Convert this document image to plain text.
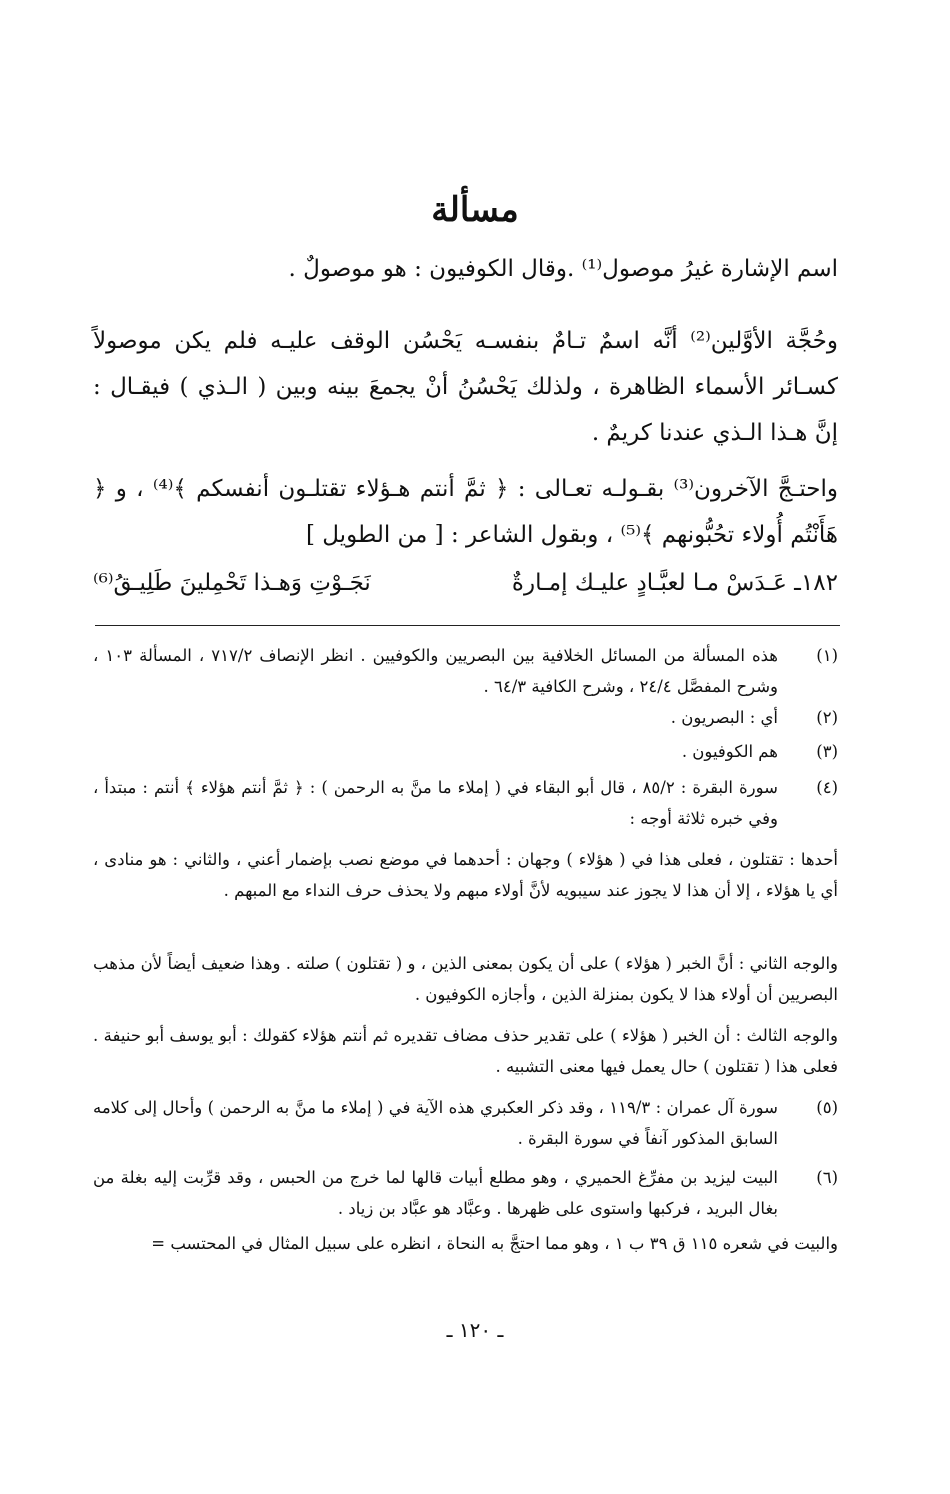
مسألة
اسم الإشارة غيرُ موصول⁽¹⁾ .وقال الكوفيون : هو موصولٌ .
وحُجَّة الأوَّلين⁽²⁾ أنَّه اسمٌ تـامٌ بنفسـه يَحْسُن الوقف عليـه فلم يكن موصولاً كسـائر الأسماء الظاهرة ، ولذلك يَحْسُنُ أنْ يجمعَ بينه وبين ( الـذي ) فيقـال : إنَّ هـذا الـذي عندنا كريمٌ .
واحتـجَّ الآخرون⁽³⁾ بقـولـه تعـالى : ﴿ ثمَّ أنتم هـؤلاء تقتلـون أنفسكم ﴾⁽⁴⁾ ، و ﴿ هَأَنْتُم أُولاء تحُبُّونهم ﴾⁽⁵⁾ ، وبقول الشاعر : [ من الطويل ]
١٨٢ـ عَـدَسْ مـا لعبَّـادٍ عليـك إمـارةٌ
نَجَـوْتِ وَهـذا تَحْمِلينَ طَلِيـقُ⁽⁶⁾
(١)
هذه المسألة من المسائل الخلافية بين البصريين والكوفيين . انظر الإنصاف ٧١٧/٢ ، المسألة ١٠٣ ، وشرح المفصَّل ٢٤/٤ ، وشرح الكافية ٦٤/٣ .
(٢)
أي : البصريون .
(٣)
هم الكوفيون .
(٤)
سورة البقرة : ٨٥/٢ ، قال أبو البقاء في ( إملاء ما منَّ به الرحمن ) : ﴿ ثمَّ أنتم هؤلاء ﴾ أنتم : مبتدأ ، وفي خبره ثلاثة أوجه :
أحدها : تقتلون ، فعلى هذا في ( هؤلاء ) وجهان : أحدهما في موضع نصب بإضمار أعني ، والثاني : هو منادى ، أي يا هؤلاء ، إلا أن هذا لا يجوز عند سيبويه لأنَّ أولاء مبهم ولا يحذف حرف النداء مع المبهم .
والوجه الثاني : أنَّ الخبر ( هؤلاء ) على أن يكون بمعنى الذين ، و ( تقتلون ) صلته . وهذا ضعيف أيضاً لأن مذهب البصريين أن أولاء هذا لا يكون بمنزلة الذين ، وأجازه الكوفيون .
والوجه الثالث : أن الخبر ( هؤلاء ) على تقدير حذف مضاف تقديره ثم أنتم هؤلاء كقولك : أبو يوسف أبو حنيفة . فعلى هذا ( تقتلون ) حال يعمل فيها معنى التشبيه .
(٥)
سورة آل عمران : ١١٩/٣ ، وقد ذكر العكبري هذه الآية في ( إملاء ما منَّ به الرحمن ) وأحال إلى كلامه السابق المذكور آنفاً في سورة البقرة .
(٦)
البيت ليزيد بن مفرِّغ الحميري ، وهو مطلع أبيات قالها لما خرج من الحبس ، وقد قرِّبت إليه بغلة من بغال البريد ، فركبها واستوى على ظهرها . وعبَّاد هو عبَّاد بن زياد .
والبيت في شعره ١١٥ ق ٣٩ ب ١ ، وهو مما احتجَّ به النحاة ، انظره على سبيل المثال في المحتسب =
ـ ١٢٠ ـ
